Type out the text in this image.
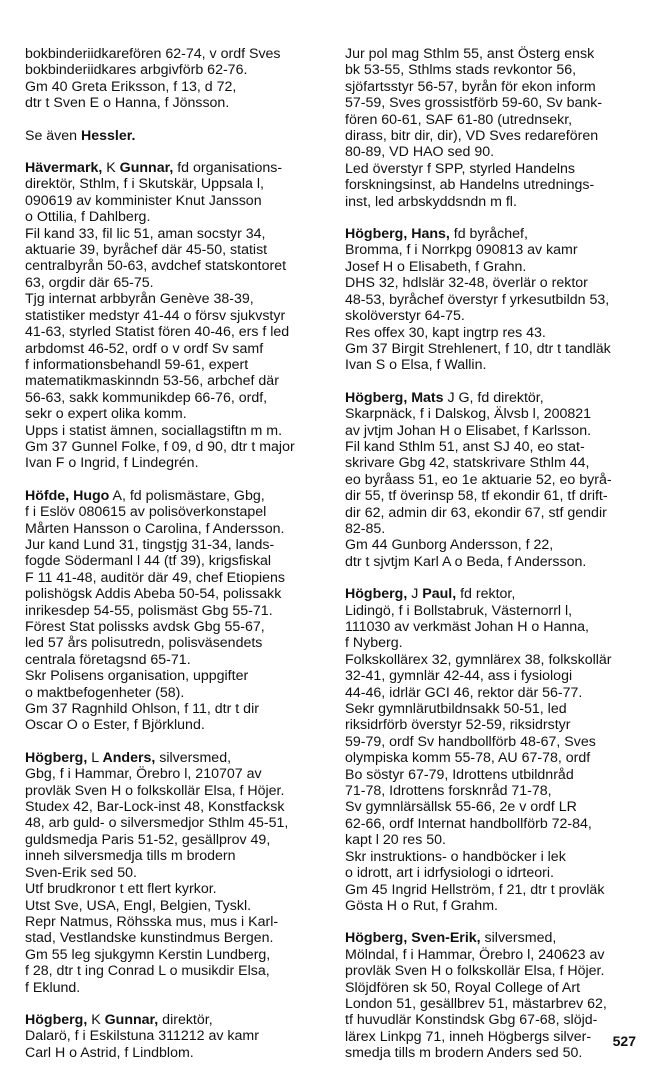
bokbinderiidkarefören 62-74, v ordf Sves
bokbinderiidkares arbgivförb 62-76.
Gm 40 Greta Eriksson, f 13, d 72,
dtr t Sven E o Hanna, f Jönsson.
Se även Hessler.
Hävermark, K Gunnar, fd organisations-
direktör, Sthlm, f i Skutskär, Uppsala l,
090619 av komminister Knut Jansson
o Ottilia, f Dahlberg.
Fil kand 33, fil lic 51, aman socstyr 34,
aktuarie 39, byråchef där 45-50, statist
centralbyrån 50-63, avdchef statskontoret
63, orgdir där 65-75.
Tjg internat arbbyrån Genève 38-39,
statistiker medstyr 41-44 o försv sjukvstyr
41-63, styrled Statist fören 40-46, ers f led
arbdomst 46-52, ordf o v ordf Sv samf
f informationsbehandl 59-61, expert
matematikmaskinndn 53-56, arbchef där
56-63, sakk kommunikdep 66-76, ordf,
sekr o expert olika komm.
Upps i statist ämnen, sociallagstiftn m m.
Gm 37 Gunnel Folke, f 09, d 90, dtr t major
Ivan F o Ingrid, f Lindegrén.
Höfde, Hugo A, fd polismästare, Gbg,
f i Eslöv 080615 av polisöverkonstapel
Mårten Hansson o Carolina, f Andersson.
Jur kand Lund 31, tingstjg 31-34, lands-
fogde Södermanl l 44 (tf 39), krigsfiskal
F 11 41-48, auditör där 49, chef Etiopiens
polishögsk Addis Abeba 50-54, polissakk
inrikesdep 54-55, polismäst Gbg 55-71.
Förest Stat polissks avdsk Gbg 55-67,
led 57 års polisutredn, polisväsendets
centrala företagsnd 65-71.
Skr Polisens organisation, uppgifter
o maktbefogenheter (58).
Gm 37 Ragnhild Ohlson, f 11, dtr t dir
Oscar O o Ester, f Björklund.
Högberg, L Anders, silversmed,
Gbg, f i Hammar, Örebro l, 210707 av
provläk Sven H o folkskollär Elsa, f Höjer.
Studex 42, Bar-Lock-inst 48, Konstfacksk
48, arb guld- o silversmedjor Sthlm 45-51,
guldsmedja Paris 51-52, gesällprov 49,
inneh silversmedja tills m brodern
Sven-Erik sed 50.
Utf brudkronor t ett flert kyrkor.
Utst Sve, USA, Engl, Belgien, Tyskl.
Repr Natmus, Röhsska mus, mus i Karl-
stad, Vestlandske kunstindmus Bergen.
Gm 55 leg sjukgymn Kerstin Lundberg,
f 28, dtr t ing Conrad L o musikdir Elsa,
f Eklund.
Högberg, K Gunnar, direktör,
Dalarö, f i Eskilstuna 311212 av kamr
Carl H o Astrid, f Lindblom.
Jur pol mag Sthlm 55, anst Österg ensk
bk 53-55, Sthlms stads revkontor 56,
sjöfartsstyr 56-57, byrån för ekon inform
57-59, Sves grossistförb 59-60, Sv bank-
fören 60-61, SAF 61-80 (utrednsekr,
dirass, bitr dir, dir), VD Sves redarefören
80-89, VD HAO sed 90.
Led överstyr f SPP, styrled Handelns
forskningsinst, ab Handelns utrednings-
inst, led arbskyddsndn m fl.
Högberg, Hans, fd byråchef,
Bromma, f i Norrkpg 090813 av kamr
Josef H o Elisabeth, f Grahn.
DHS 32, hdlslär 32-48, överlär o rektor
48-53, byråchef överstyr f yrkesutbildn 53,
skolöverstyr 64-75.
Res offex 30, kapt ingtrp res 43.
Gm 37 Birgit Strehlenert, f 10, dtr t tandläk
Ivan S o Elsa, f Wallin.
Högberg, Mats J G, fd direktör,
Skarpnäck, f i Dalskog, Älvsb l, 200821
av jvtjm Johan H o Elisabet, f Karlsson.
Fil kand Sthlm 51, anst SJ 40, eo stat-
skrivare Gbg 42, statskrivare Sthlm 44,
eo byråass 51, eo 1e aktuarie 52, eo byrå-
dir 55, tf överinsp 58, tf ekondir 61, tf drift-
dir 62, admin dir 63, ekondir 67, stf gendir
82-85.
Gm 44 Gunborg Andersson, f 22,
dtr t sjvtjm Karl A o Beda, f Andersson.
Högberg, J Paul, fd rektor,
Lidingö, f i Bollstabruk, Västernorrl l,
111030 av verkmäst Johan H o Hanna,
f Nyberg.
Folkskollärex 32, gymnlärex 38, folkskollär
32-41, gymnlär 42-44, ass i fysiologi
44-46, idrlär GCI 46, rektor där 56-77.
Sekr gymnlärutbildnsakk 50-51, led
riksidrförb överstyr 52-59, riksidrstyr
59-79, ordf Sv handbollförb 48-67, Sves
olympiska komm 55-78, AU 67-78, ordf
Bo söstyr 67-79, Idrottens utbildnråd
71-78, Idrottens forsknråd 71-78,
Sv gymnlärsällsk 55-66, 2e v ordf LR
62-66, ordf Internat handbollförb 72-84,
kapt l 20 res 50.
Skr instruktions- o handböcker i lek
o idrott, art i idrfysiologi o idrteori.
Gm 45 Ingrid Hellström, f 21, dtr t provläk
Gösta H o Rut, f Grahm.
Högberg, Sven-Erik, silversmed,
Mölndal, f i Hammar, Örebro l, 240623 av
provläk Sven H o folkskollär Elsa, f Höjer.
Slöjdfören sk 50, Royal College of Art
London 51, gesällbrev 51, mästarbrev 62,
tf huvudlär Konstindsk Gbg 67-68, slöjd-
lärex Linkpg 71, inneh Högbergs silver-
smedja tills m brodern Anders sed 50.
527
